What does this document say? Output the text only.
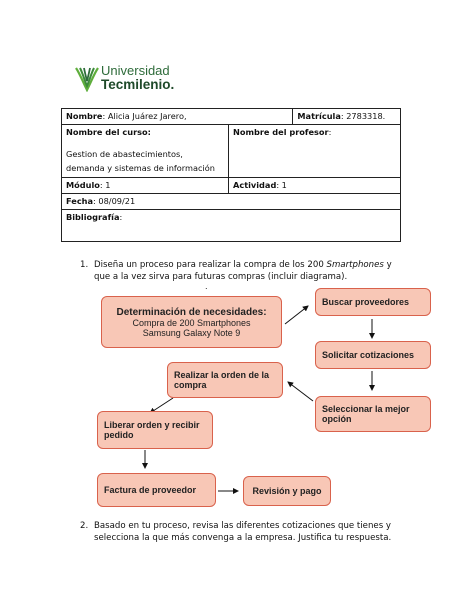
Universidad
Tecmilenio.
Nombre: Alicia Juárez Jarero,		Matrícula: 2783318.
Nombre del curso:

Gestion de abastecimientos, demanda y sistemas de información	Nombre del profesor:	
Módulo: 1	Actividad: 1	
Fecha: 08/09/21		
Bibliografía:		
1. Diseña un proceso para realizar la compra de los 200 Smartphones y que a la vez sirva para futuras compras (incluir diagrama).
.
Determinación de necesidades:
Compra de 200 Smartphones
Samsung Galaxy Note 9
Buscar proveedores
Solicitar cotizaciones
Seleccionar la mejor opción
Realizar la orden de la compra
Liberar orden y recibir pedido
Factura de proveedor	Revisión y pago
2. Basado en tu proceso, revisa las diferentes cotizaciones que tienes y selecciona la que más convenga a la empresa. Justifica tu respuesta.
